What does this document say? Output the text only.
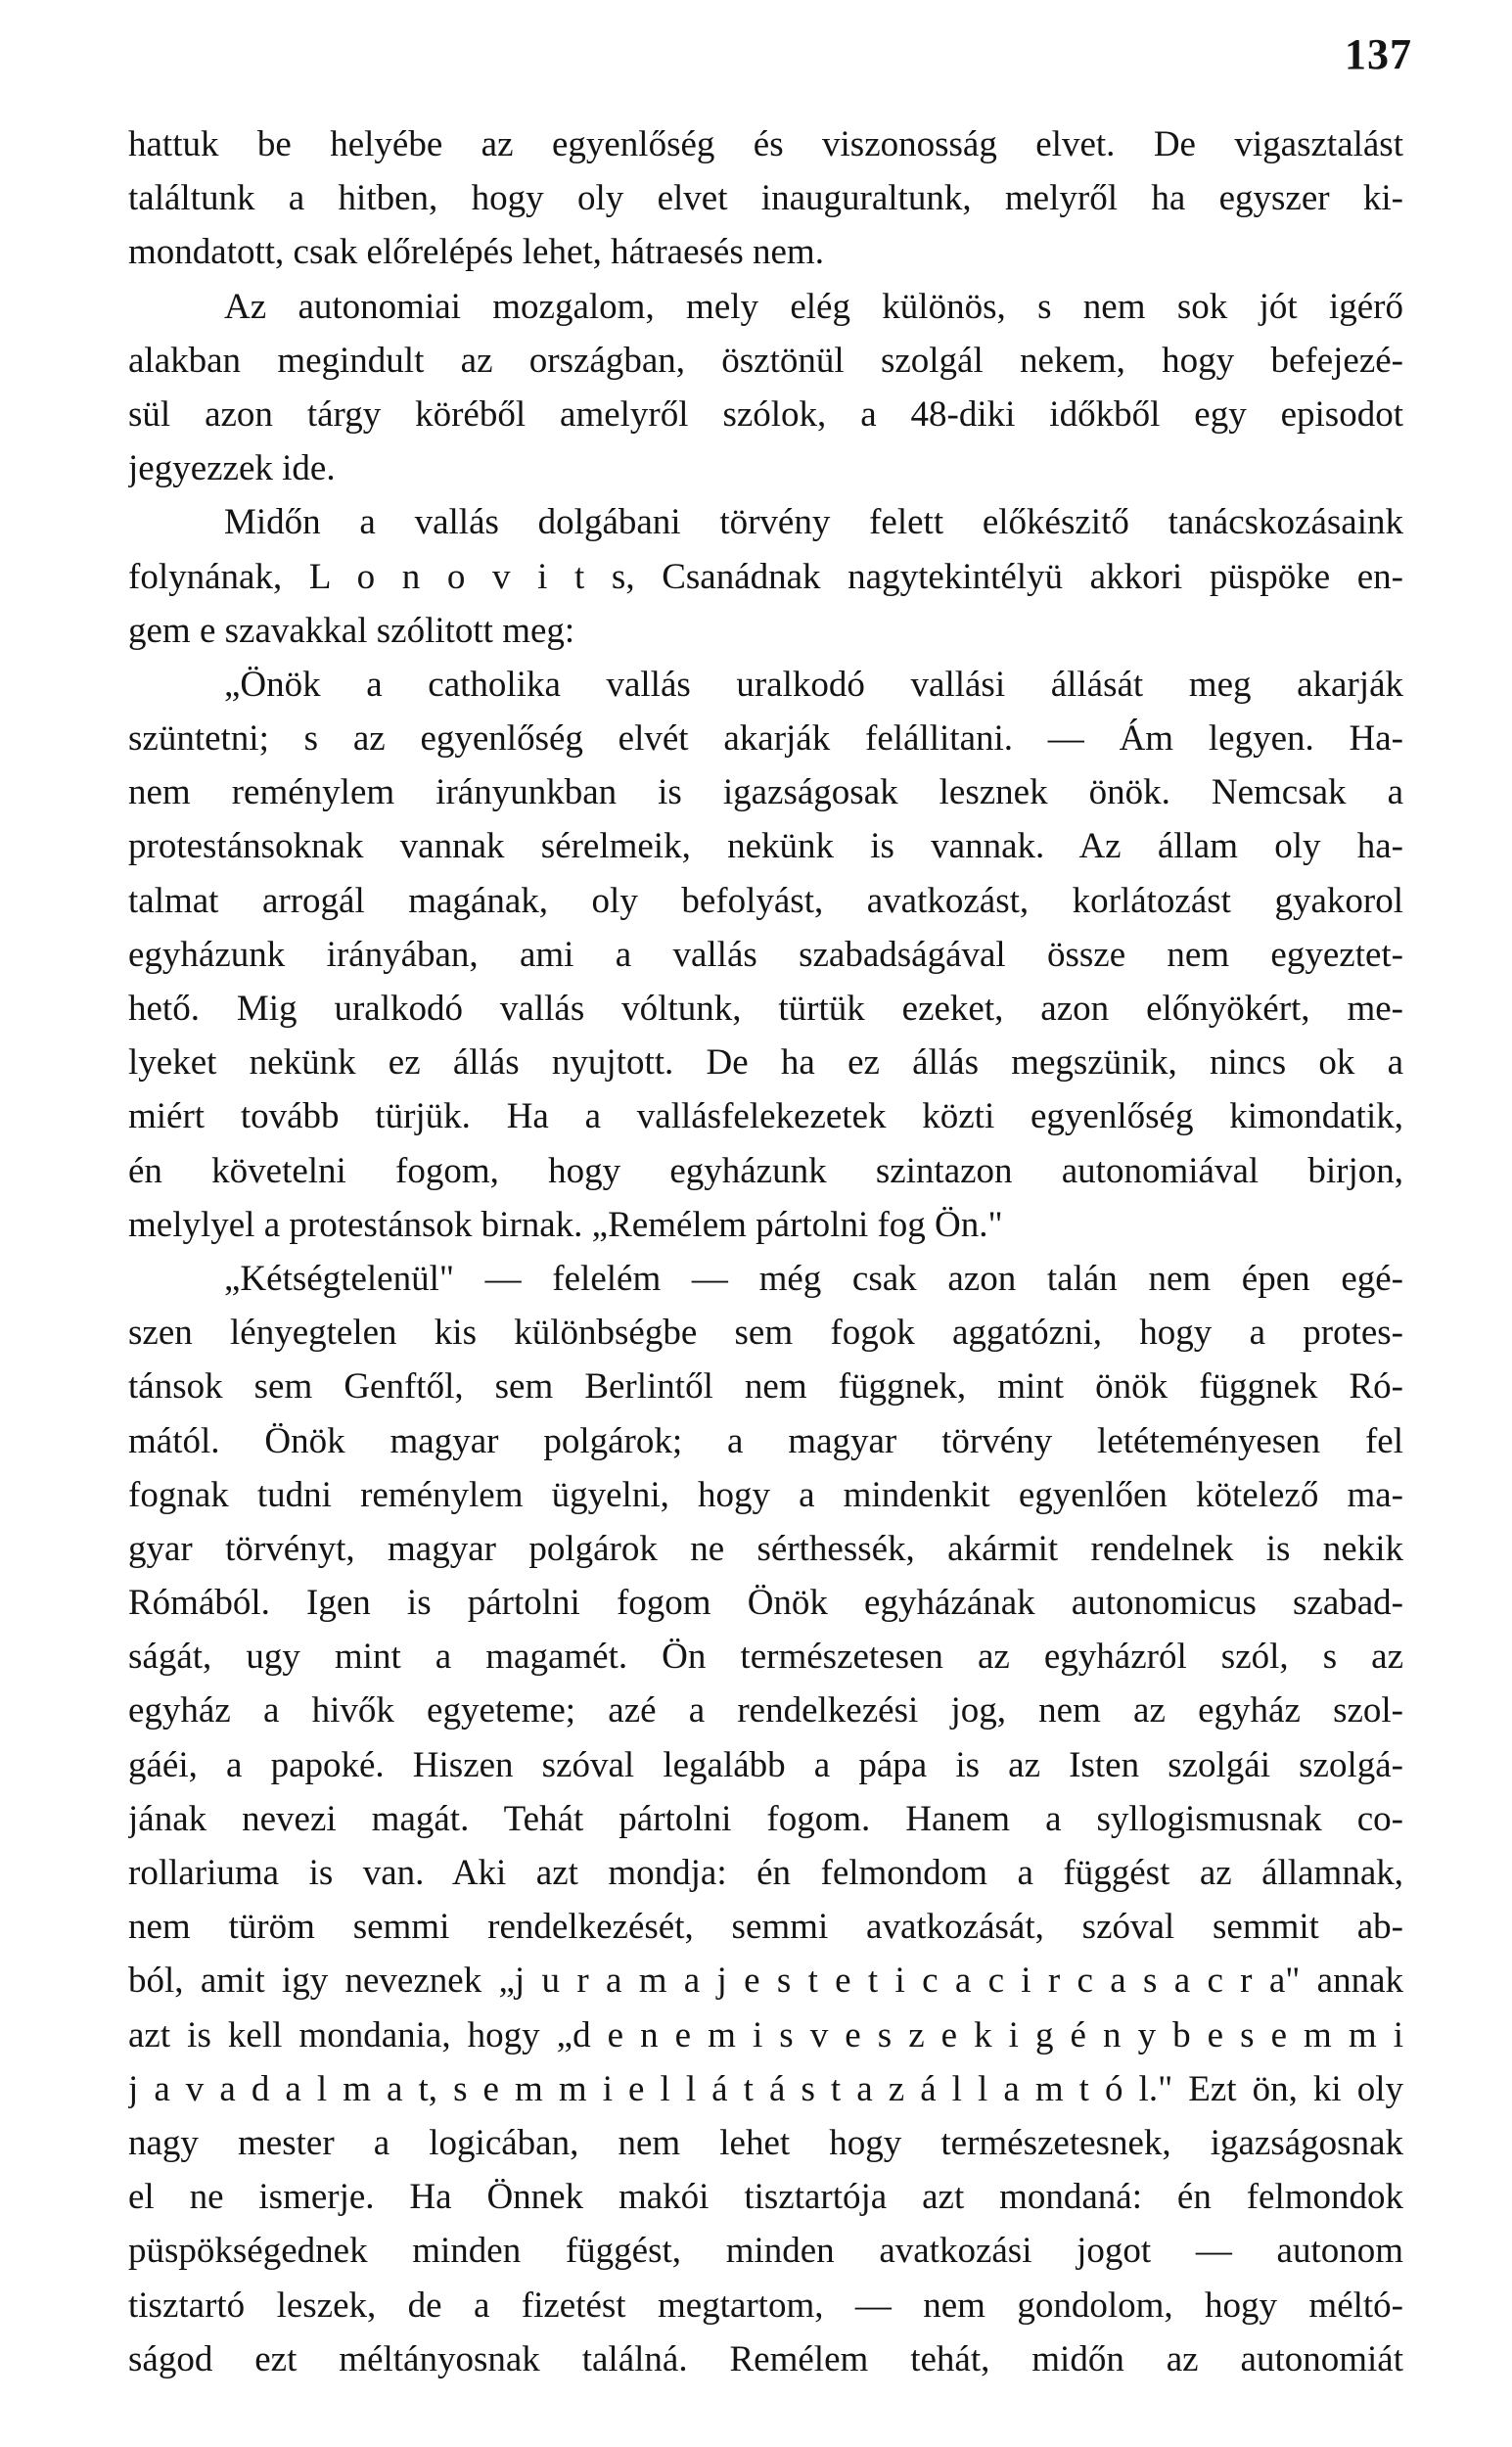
137
hattuk be helyébe az egyenlőség és viszonosság elvet. De vigasztalást
találtunk a hitben, hogy oly elvet inauguraltunk, melyről ha egyszer ki-
mondatott, csak előrelépés lehet, hátraesés nem.
Az autonomiai mozgalom, mely elég különös, s nem sok jót igérő
alakban megindult az országban, ösztönül szolgál nekem, hogy befejezé-
sül azon tárgy köréből amelyről szólok, a 48-diki időkből egy episodot
jegyezzek ide.
Midőn a vallás dolgábani törvény felett előkészitő tanácskozásaink
folynának, L o n o v i t s, Csanádnak nagytekintélyü akkori püspöke en-
gem e szavakkal szólitott meg:
„Önök a catholika vallás uralkodó vallási állását meg akarják
szüntetni; s az egyenlőség elvét akarják felállitani. — Ám legyen. Ha-
nem reménylem irányunkban is igazságosak lesznek önök. Nemcsak a
protestánsoknak vannak sérelmeik, nekünk is vannak. Az állam oly ha-
talmat arrogál magának, oly befolyást, avatkozást, korlátozást gyakorol
egyházunk irányában, ami a vallás szabadságával össze nem egyeztet-
hető. Mig uralkodó vallás vóltunk, türtük ezeket, azon előnyökért, me-
lyeket nekünk ez állás nyujtott. De ha ez állás megszünik, nincs ok a
miért tovább türjük. Ha a vallásfelekezetek közti egyenlőség kimondatik,
én követelni fogom, hogy egyházunk szintazon autonomiával birjon,
melylyel a protestánsok birnak. „Remélem pártolni fog Ön."
„Kétségtelenül" — felelém — még csak azon talán nem épen egé-
szen lényegtelen kis különbségbe sem fogok aggatózni, hogy a protes-
tánsok sem Genftől, sem Berlintől nem függnek, mint önök függnek Ró-
mától. Önök magyar polgárok; a magyar törvény letéteményesen fel
fognak tudni reménylem ügyelni, hogy a mindenkit egyenlően kötelező ma-
gyar törvényt, magyar polgárok ne sérthessék, akármit rendelnek is nekik
Rómából. Igen is pártolni fogom Önök egyházának autonomicus szabad-
ságát, ugy mint a magamét. Ön természetesen az egyházról szól, s az
egyház a hivők egyeteme; azé a rendelkezési jog, nem az egyház szol-
gáéi, a papoké. Hiszen szóval legalább a pápa is az Isten szolgái szolgá-
jának nevezi magát. Tehát pártolni fogom. Hanem a syllogismusnak co-
rollariuma is van. Aki azt mondja: én felmondom a függést az államnak,
nem türöm semmi rendelkezését, semmi avatkozását, szóval semmit ab-
ból, amit igy neveznek „j u r a m a j e s t e t i c a c i r c a s a c r a" annak
azt is kell mondania, hogy „d e n e m i s v e s z e k i g é n y b e s e m m i
j a v a d a l m a t, s e m m i e l l á t á s t a z á l l a m t ó l." Ezt ön, ki oly
nagy mester a logicában, nem lehet hogy természetesnek, igazságosnak
el ne ismerje. Ha Önnek makói tisztartója azt mondaná: én felmondok
püspökségednek minden függést, minden avatkozási jogot — autonom
tisztartó leszek, de a fizetést megtartom, — nem gondolom, hogy méltó-
ságod ezt méltányosnak találná. Remélem tehát, midőn az autonomiát
